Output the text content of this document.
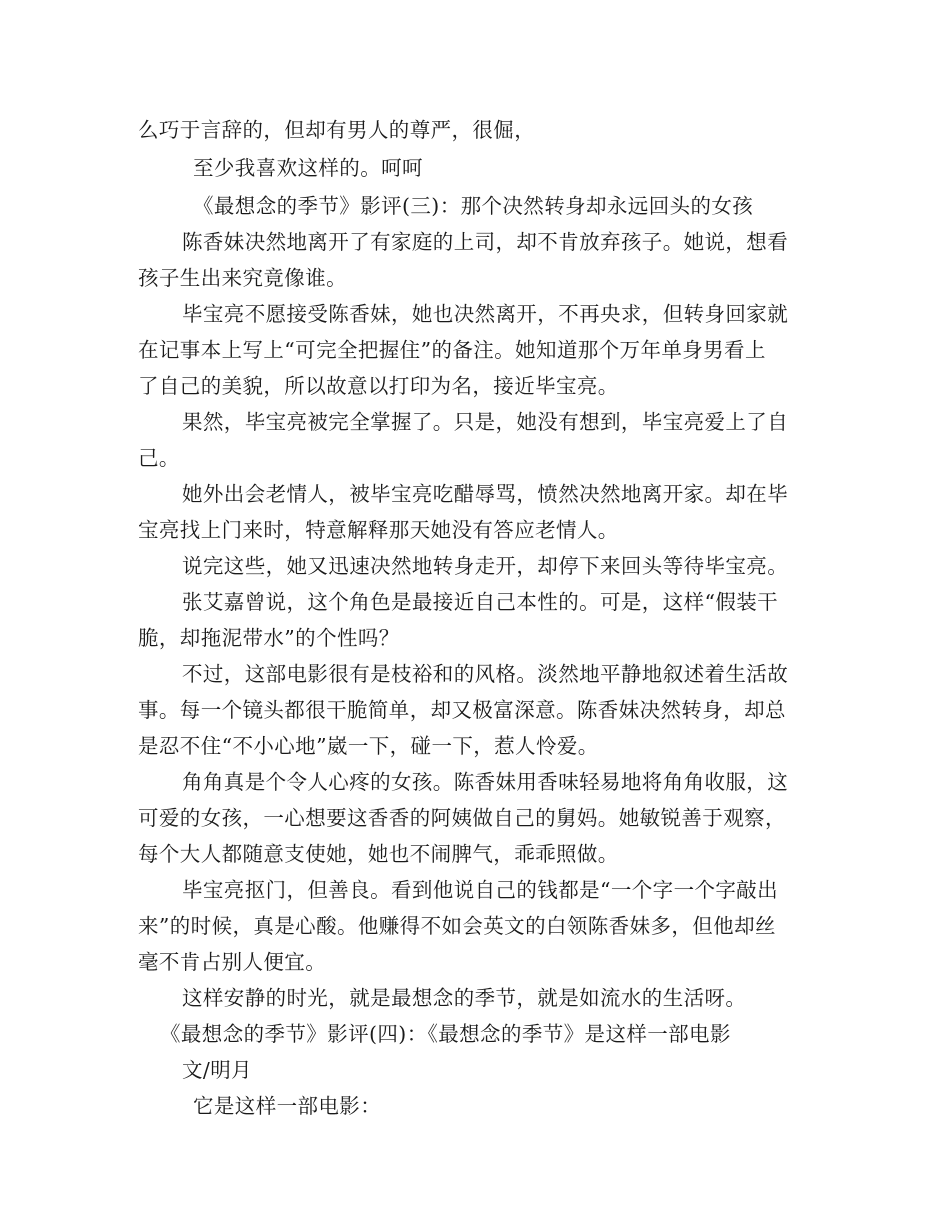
么巧于言辞的，但却有男人的尊严，很倔，
至少我喜欢这样的。呵呵
《最想念的季节》影评(三)：那个决然转身却永远回头的女孩
陈香妹决然地离开了有家庭的上司，却不肯放弃孩子。她说，想看
孩子生出来究竟像谁。
毕宝亮不愿接受陈香妹，她也决然离开，不再央求，但转身回家就
在记事本上写上“可完全把握住”的备注。她知道那个万年单身男看上
了自己的美貌，所以故意以打印为名，接近毕宝亮。
果然，毕宝亮被完全掌握了。只是，她没有想到，毕宝亮爱上了自
己。
她外出会老情人，被毕宝亮吃醋辱骂，愤然决然地离开家。却在毕
宝亮找上门来时，特意解释那天她没有答应老情人。
说完这些，她又迅速决然地转身走开，却停下来回头等待毕宝亮。
张艾嘉曾说，这个角色是最接近自己本性的。可是，这样“假装干
脆，却拖泥带水”的个性吗？
不过，这部电影很有是枝裕和的风格。淡然地平静地叙述着生活故
事。每一个镜头都很干脆简单，却又极富深意。陈香妹决然转身，却总
是忍不住“不小心地”崴一下，碰一下，惹人怜爱。
角角真是个令人心疼的女孩。陈香妹用香味轻易地将角角收服，这
可爱的女孩，一心想要这香香的阿姨做自己的舅妈。她敏锐善于观察，
每个大人都随意支使她，她也不闹脾气，乖乖照做。
毕宝亮抠门，但善良。看到他说自己的钱都是“一个字一个字敲出
来”的时候，真是心酸。他赚得不如会英文的白领陈香妹多，但他却丝
毫不肯占别人便宜。
这样安静的时光，就是最想念的季节，就是如流水的生活呀。
《最想念的季节》影评(四)：《最想念的季节》是这样一部电影
文/明月
它是这样一部电影：
